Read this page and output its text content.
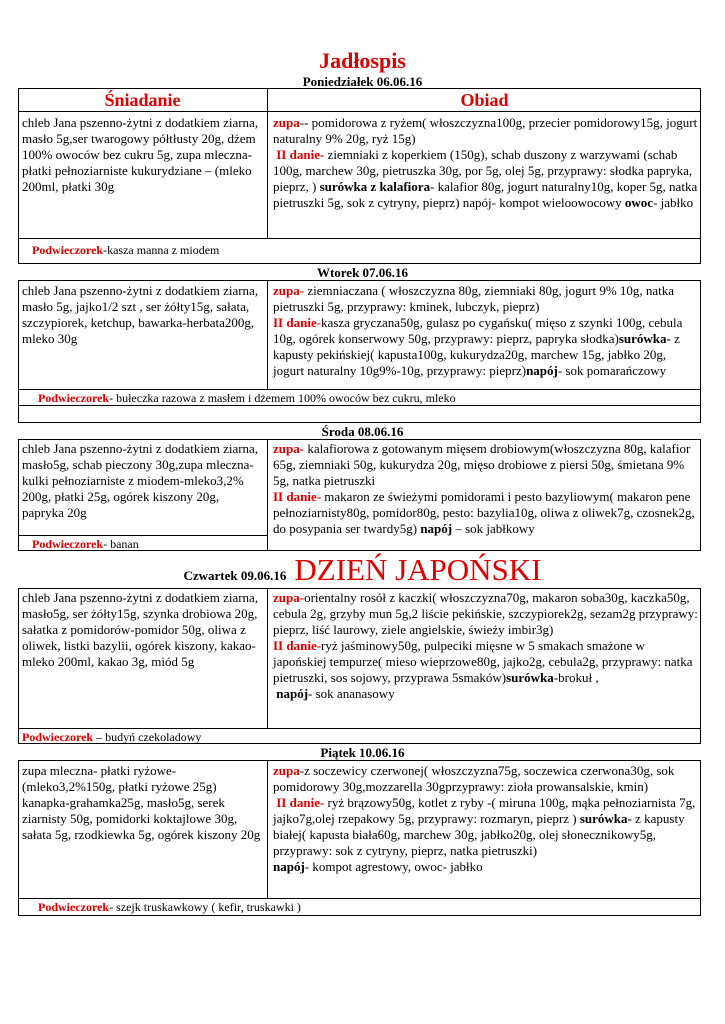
Jadłospis
Poniedziałek 06.06.16
Śniadanie	Obiad
chleb Jana pszenno-żytni z dodatkiem ziarna, masło 5g,ser twarogowy półtłusty 20g, dżem 100% owoców bez cukru 5g, zupa mleczna- płatki pełnoziarniste kukurydziane – (mleko 200ml, płatki 30g
zupa-- pomidorowa z ryżem( włoszczyzna100g, przecier pomidorowy15g, jogurt naturalny 9% 20g, ryż 15g)
II danie- ziemniaki z koperkiem (150g), schab duszony z warzywami (schab 100g, marchew 30g, pietruszka 30g, por 5g, olej 5g, przyprawy: słodka papryka, pieprz, ) surówka z kalafiora- kalafior 80g, jogurt naturalny10g, koper 5g, natka pietruszki 5g, sok z cytryny, pieprz) napój- kompot wieloowocowy owoc- jabłko
Podwieczorek-kasza manna z miodem
Wtorek 07.06.16
chleb Jana pszenno-żytni z dodatkiem ziarna, masło 5g, jajko1/2 szt , ser żółty15g, sałata, szczypiorek, ketchup, bawarka-herbata200g, mleko 30g
zupa- ziemniaczana ( włoszczyzna 80g, ziemniaki 80g, jogurt 9% 10g, natka pietruszki 5g, przyprawy: kminek, lubczyk, pieprz)
II danie-kasza gryczana50g, gulasz po cygańsku( mięso z szynki 100g, cebula 10g, ogórek konserwowy 50g, przyprawy: pieprz, papryka słodka)surówka- z kapusty pekińskiej( kapusta100g, kukurydza20g, marchew 15g, jabłko 20g, jogurt naturalny 10g9%-10g, przyprawy: pieprz)napój- sok pomarańczowy
Podwieczorek- bułeczka razowa z masłem i dżemem 100% owoców bez cukru, mleko
Środa 08.06.16
chleb Jana pszenno-żytni z dodatkiem ziarna, masło5g, schab pieczony 30g,zupa mleczna- kulki pełnoziarniste z miodem-mleko3,2% 200g, płatki 25g, ogórek kiszony 20g, papryka 20g
zupa- kalafiorowa z gotowanym mięsem drobiowym(włoszczyzna 80g, kalafior 65g, ziemniaki 50g, kukurydza 20g, mięso drobiowe z piersi 50g, śmietana 9% 5g, natka pietruszki
II danie- makaron ze świeżymi pomidorami i pesto bazyliowym( makaron pene pełnoziarnisty80g, pomidor80g, pesto: bazylia10g, oliwa z oliwek7g, czosnek2g, do posypania ser twardy5g) napój – sok jabłkowy
Podwieczorek- banan
Czwartek 09.06.16 DZIEŃ JAPOŃSKI
chleb Jana pszenno-żytni z dodatkiem ziarna, masło5g, ser żółty15g, szynka drobiowa 20g, sałatka z pomidorów-pomidor 50g, oliwa z oliwek, listki bazylii, ogórek kiszony, kakao-mleko 200ml, kakao 3g, miód 5g
zupa-orientalny rosół z kaczki( włoszczyzna70g, makaron soba30g, kaczka50g, cebula 2g, grzyby mun 5g,2 liście pekińskie, szczypiorek2g, sezam2g przyprawy: pieprz, liść laurowy, ziele angielskie, świeży imbir3g)
II danie-ryż jaśminowy50g, pulpeciki mięsne w 5 smakach smażone w japońskiej tempurze( mieso wieprzowe80g, jajko2g, cebula2g, przyprawy: natka pietruszki, sos sojowy, przyprawa 5smaków)surówka-brokuł ,
napój- sok ananasowy
Podwieczorek – budyń czekoladowy
Piątek 10.06.16
zupa mleczna- płatki ryżowe-(mleko3,2%150g, płatki ryżowe 25g) kanapka-grahamka25g, masło5g, serek ziarnisty 50g, pomidorki koktajlowe 30g, sałata 5g, rzodkiewka 5g, ogórek kiszony 20g
zupa-z soczewicy czerwonej( włoszczyzna75g, soczewica czerwona30g, sok pomidorowy 30g,mozzarella 30gprzyprawy: zioła prowansalskie, kmin)
II danie- ryż brązowy50g, kotlet z ryby -( miruna 100g, mąka pełnoziarnista 7g, jajko7g,olej rzepakowy 5g, przyprawy: rozmaryn, pieprz ) surówka- z kapusty białej( kapusta biała60g, marchew 30g, jabłko20g, olej słonecznikowy5g, przyprawy: sok z cytryny, pieprz, natka pietruszki)
napój- kompot agrestowy, owoc- jabłko
Podwieczorek- szejk truskawkowy ( kefir, truskawki )
